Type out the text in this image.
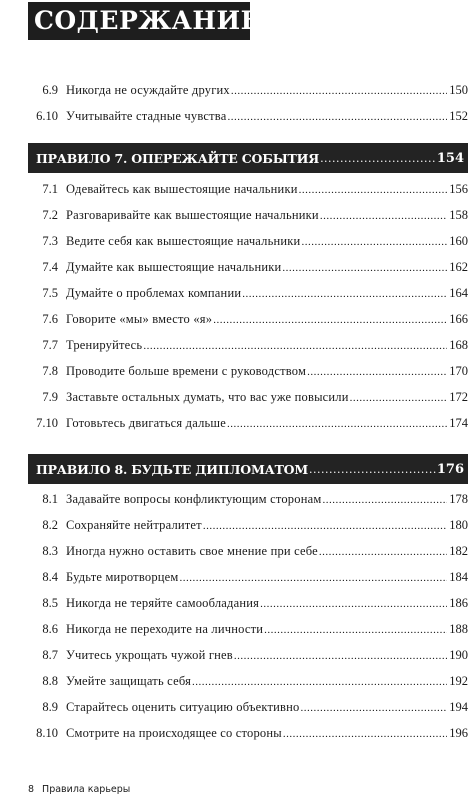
СОДЕРЖАНИЕ
6.9 Никогда не осуждайте других .....	150
6.10 Учитывайте стадные чувства .....	152
ПРАВИЛО 7. ОПЕРЕЖАЙТЕ СОБЫТИЯ .....	154
7.1 Одевайтесь как вышестоящие начальники .....	156
7.2 Разговаривайте как вышестоящие начальники .....	158
7.3 Ведите себя как вышестоящие начальники .....	160
7.4 Думайте как вышестоящие начальники .....	162
7.5 Думайте о проблемах компании .....	164
7.6 Говорите «мы» вместо «я» .....	166
7.7 Тренируйтесь .....	168
7.8 Проводите больше времени с руководством .....	170
7.9 Заставьте остальных думать, что вас уже повысили .....	172
7.10 Готовьтесь двигаться дальше .....	174
ПРАВИЛО 8. БУДЬТЕ ДИПЛОМАТОМ .....	176
8.1 Задавайте вопросы конфликтующим сторонам .....	178
8.2 Сохраняйте нейтралитет .....	180
8.3 Иногда нужно оставить свое мнение при себе .....	182
8.4 Будьте миротворцем .....	184
8.5 Никогда не теряйте самообладания .....	186
8.6 Никогда не переходите на личности .....	188
8.7 Учитесь укрощать чужой гнев .....	190
8.8 Умейте защищать себя .....	192
8.9 Старайтесь оценить ситуацию объективно .....	194
8.10 Смотрите на происходящее со стороны .....	196
8 Правила карьеры
